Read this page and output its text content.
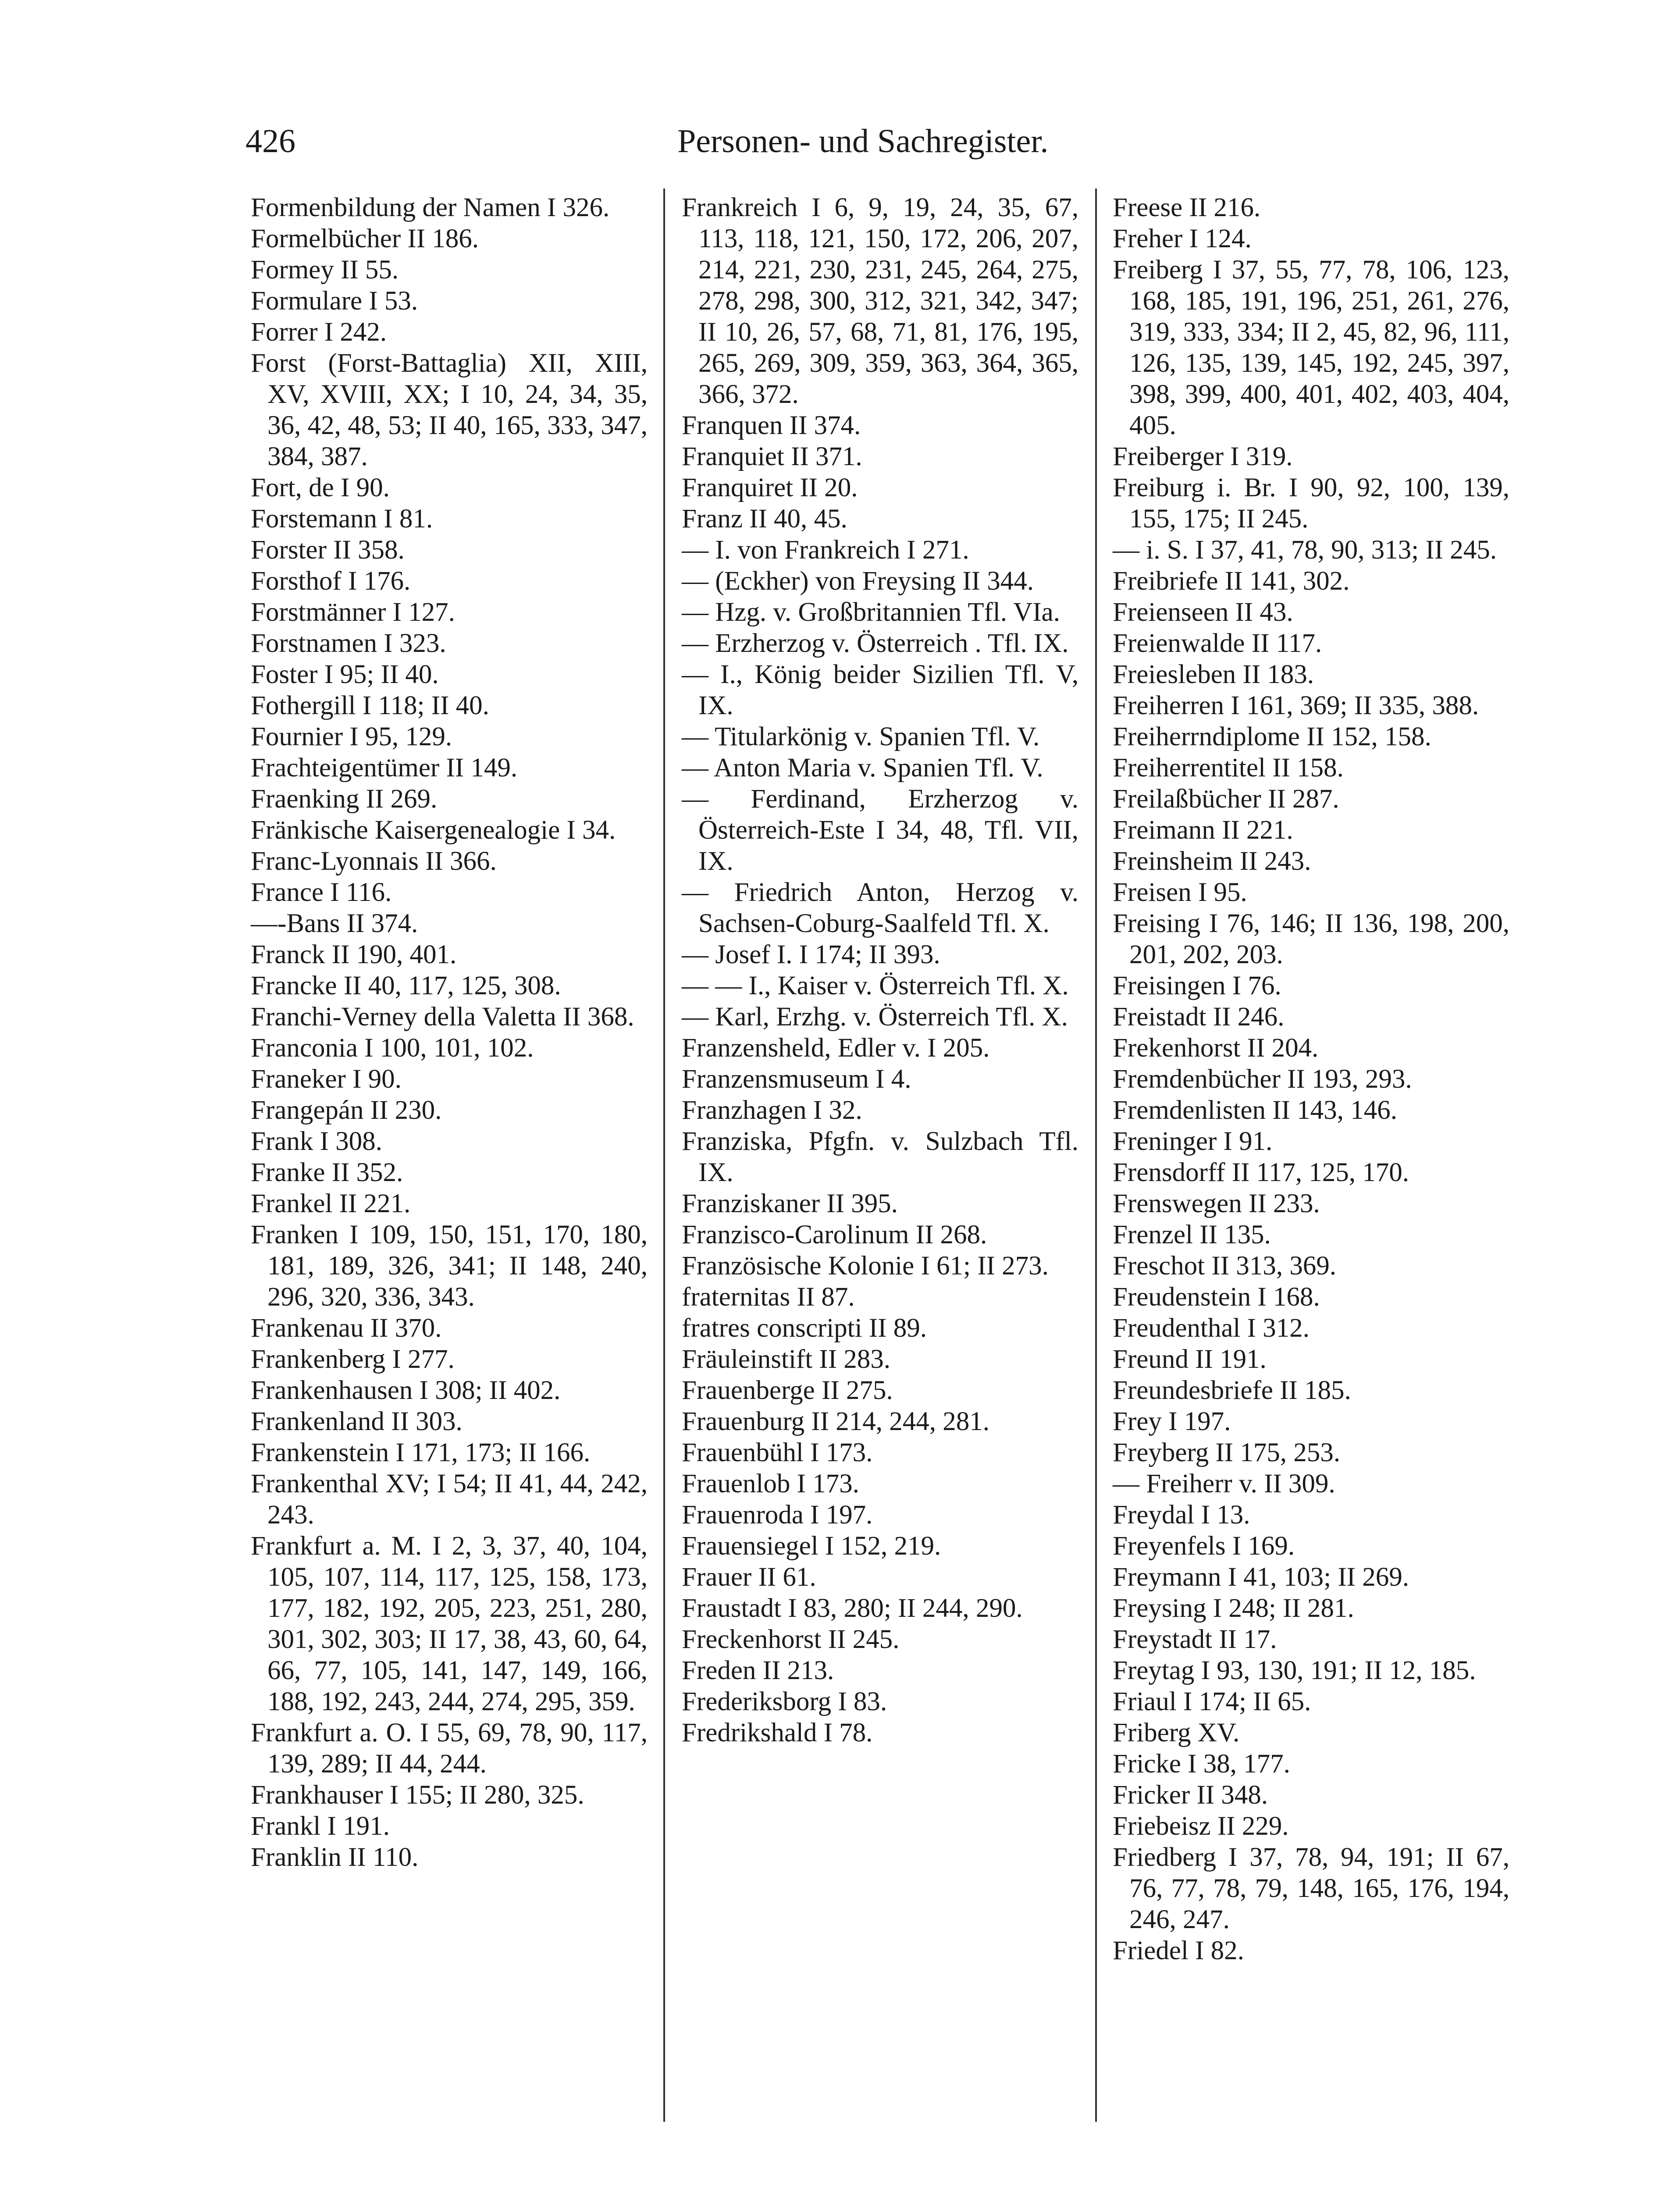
426	Personen- und Sachregister.
Formenbildung der Namen I 326.
Formelbücher II 186.
Formey II 55.
Formulare I 53.
Forrer I 242.
Forst (Forst-Battaglia) XII, XIII, XV, XVIII, XX; I 10, 24, 34, 35, 36, 42, 48, 53; II 40, 165, 333, 347, 384, 387.
Fort, de I 90.
Forstemann I 81.
Forster II 358.
Forsthof I 176.
Forstmänner I 127.
Forstnamen I 323.
Foster I 95; II 40.
Fothergill I 118; II 40.
Fournier I 95, 129.
Frachteigentümer II 149.
Fraenking II 269.
Fränkische Kaisergenealogie I 34.
Franc-Lyonnais II 366.
France I 116.
—-Bans II 374.
Franck II 190, 401.
Francke II 40, 117, 125, 308.
Franchi-Verney della Valetta II 368.
Franconia I 100, 101, 102.
Franeker I 90.
Frangepán II 230.
Frank I 308.
Franke II 352.
Frankel II 221.
Franken I 109, 150, 151, 170, 180, 181, 189, 326, 341; II 148, 240, 296, 320, 336, 343.
Frankenau II 370.
Frankenberg I 277.
Frankenhausen I 308; II 402.
Frankenland II 303.
Frankenstein I 171, 173; II 166.
Frankenthal XV; I 54; II 41, 44, 242, 243.
Frankfurt a. M. I 2, 3, 37, 40, 104, 105, 107, 114, 117, 125, 158, 173, 177, 182, 192, 205, 223, 251, 280, 301, 302, 303; II 17, 38, 43, 60, 64, 66, 77, 105, 141, 147, 149, 166, 188, 192, 243, 244, 274, 295, 359.
Frankfurt a. O. I 55, 69, 78, 90, 117, 139, 289; II 44, 244.
Frankhauser I 155; II 280, 325.
Frankl I 191.
Franklin II 110.
Frankreich I 6, 9, 19, 24, 35, 67, 113, 118, 121, 150, 172, 206, 207, 214, 221, 230, 231, 245, 264, 275, 278, 298, 300, 312, 321, 342, 347; II 10, 26, 57, 68, 71, 81, 176, 195, 265, 269, 309, 359, 363, 364, 365, 366, 372.
Franquen II 374.
Franquiet II 371.
Franquiret II 20.
Franz II 40, 45.
— I. von Frankreich I 271.
— (Eckher) von Freysing II 344.
— Hzg. v. Großbritannien Tfl. VIa.
— Erzherzog v. Österreich . Tfl. IX.
— I., König beider Sizilien Tfl. V, IX.
— Titularkönig v. Spanien Tfl. V.
— Anton Maria v. Spanien Tfl. V.
— Ferdinand, Erzherzog v. Österreich-Este I 34, 48, Tfl. VII, IX.
— Friedrich Anton, Herzog v. Sachsen-Coburg-Saalfeld Tfl. X.
— Josef I. I 174; II 393.
— — I., Kaiser v. Österreich Tfl. X.
— Karl, Erzhg. v. Österreich Tfl. X.
Franzensheld, Edler v. I 205.
Franzensmuseum I 4.
Franzhagen I 32.
Franziska, Pfgfn. v. Sulzbach Tfl. IX.
Franziskaner II 395.
Franzisco-Carolinum II 268.
Französische Kolonie I 61; II 273.
fraternitas II 87.
fratres conscripti II 89.
Fräuleinstift II 283.
Frauenberge II 275.
Frauenburg II 214, 244, 281.
Frauenbühl I 173.
Frauenlob I 173.
Frauenroda I 197.
Frauensiegel I 152, 219.
Frauer II 61.
Fraustadt I 83, 280; II 244, 290.
Freckenhorst II 245.
Freden II 213.
Frederiksborg I 83.
Fredrikshald I 78.
Freese II 216.
Freher I 124.
Freiberg I 37, 55, 77, 78, 106, 123, 168, 185, 191, 196, 251, 261, 276, 319, 333, 334; II 2, 45, 82, 96, 111, 126, 135, 139, 145, 192, 245, 397, 398, 399, 400, 401, 402, 403, 404, 405.
Freiberger I 319.
Freiburg i. Br. I 90, 92, 100, 139, 155, 175; II 245.
— i. S. I 37, 41, 78, 90, 313; II 245.
Freibriefe II 141, 302.
Freienseen II 43.
Freienwalde II 117.
Freiesleben II 183.
Freiherren I 161, 369; II 335, 388.
Freiherrndiplome II 152, 158.
Freiherrentitel II 158.
Freilaßbücher II 287.
Freimann II 221.
Freinsheim II 243.
Freisen I 95.
Freising I 76, 146; II 136, 198, 200, 201, 202, 203.
Freisingen I 76.
Freistadt II 246.
Frekenhorst II 204.
Fremdenbücher II 193, 293.
Fremdenlisten II 143, 146.
Freninger I 91.
Frensdorff II 117, 125, 170.
Frenswegen II 233.
Frenzel II 135.
Freschot II 313, 369.
Freudenstein I 168.
Freudenthal I 312.
Freund II 191.
Freundesbriefe II 185.
Frey I 197.
Freyberg II 175, 253.
— Freiherr v. II 309.
Freydal I 13.
Freyenfels I 169.
Freymann I 41, 103; II 269.
Freysing I 248; II 281.
Freystadt II 17.
Freytag I 93, 130, 191; II 12, 185.
Friaul I 174; II 65.
Friberg XV.
Fricke I 38, 177.
Fricker II 348.
Friebeisz II 229.
Friedberg I 37, 78, 94, 191; II 67, 76, 77, 78, 79, 148, 165, 176, 194, 246, 247.
Friedel I 82.
